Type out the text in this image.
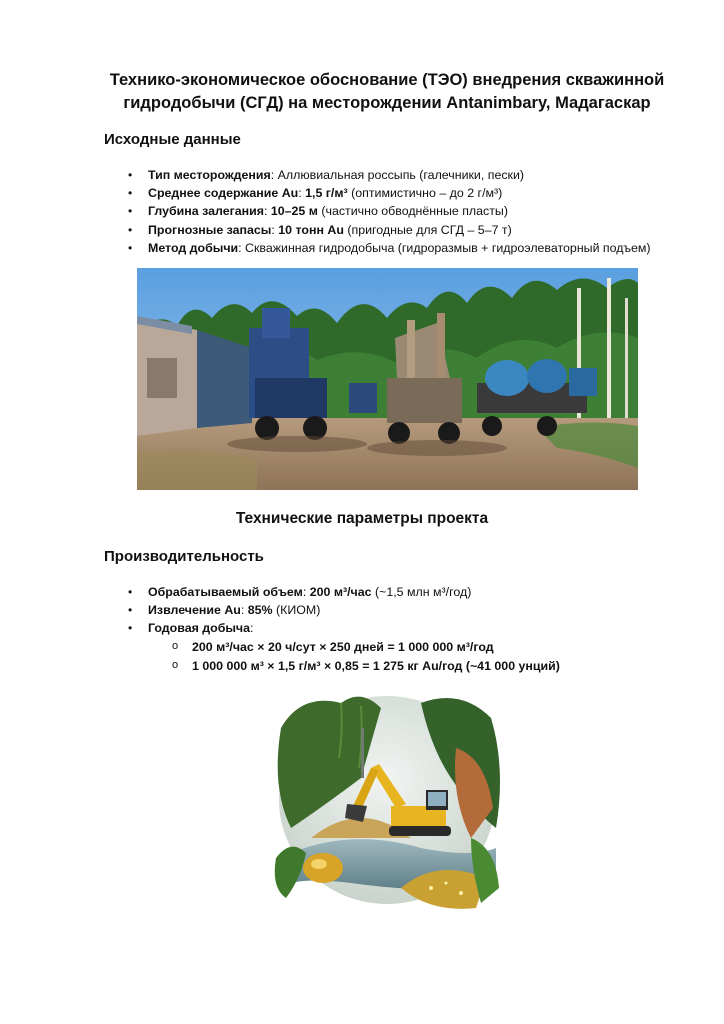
Технико-экономическое обоснование (ТЭО) внедрения скважинной
гидродобычи (СГД) на месторождении Antanimbary, Мадагаскар
Исходные данные
• Тип месторождения: Аллювиальная россыпь (галечники, пески)
• Среднее содержание Au: 1,5 г/м³ (оптимистично – до 2 г/м³)
• Глубина залегания: 10–25 м (частично обводнённые пласты)
• Прогнозные запасы: 10 тонн Au (пригодные для СГД – 5–7 т)
• Метод добычи: Скважинная гидродобыча (гидроразмыв + гидроэлеваторный подъем)
Технические параметры проекта
Производительность
• Обрабатываемый объем: 200 м³/час (~1,5 млн м³/год)
• Извлечение Au: 85% (КИОМ)
• Годовая добыча:
o 200 м³/час × 20 ч/сут × 250 дней = 1 000 000 м³/год
o 1 000 000 м³ × 1,5 г/м³ × 0,85 = 1 275 кг Au/год (~41 000 унций)
